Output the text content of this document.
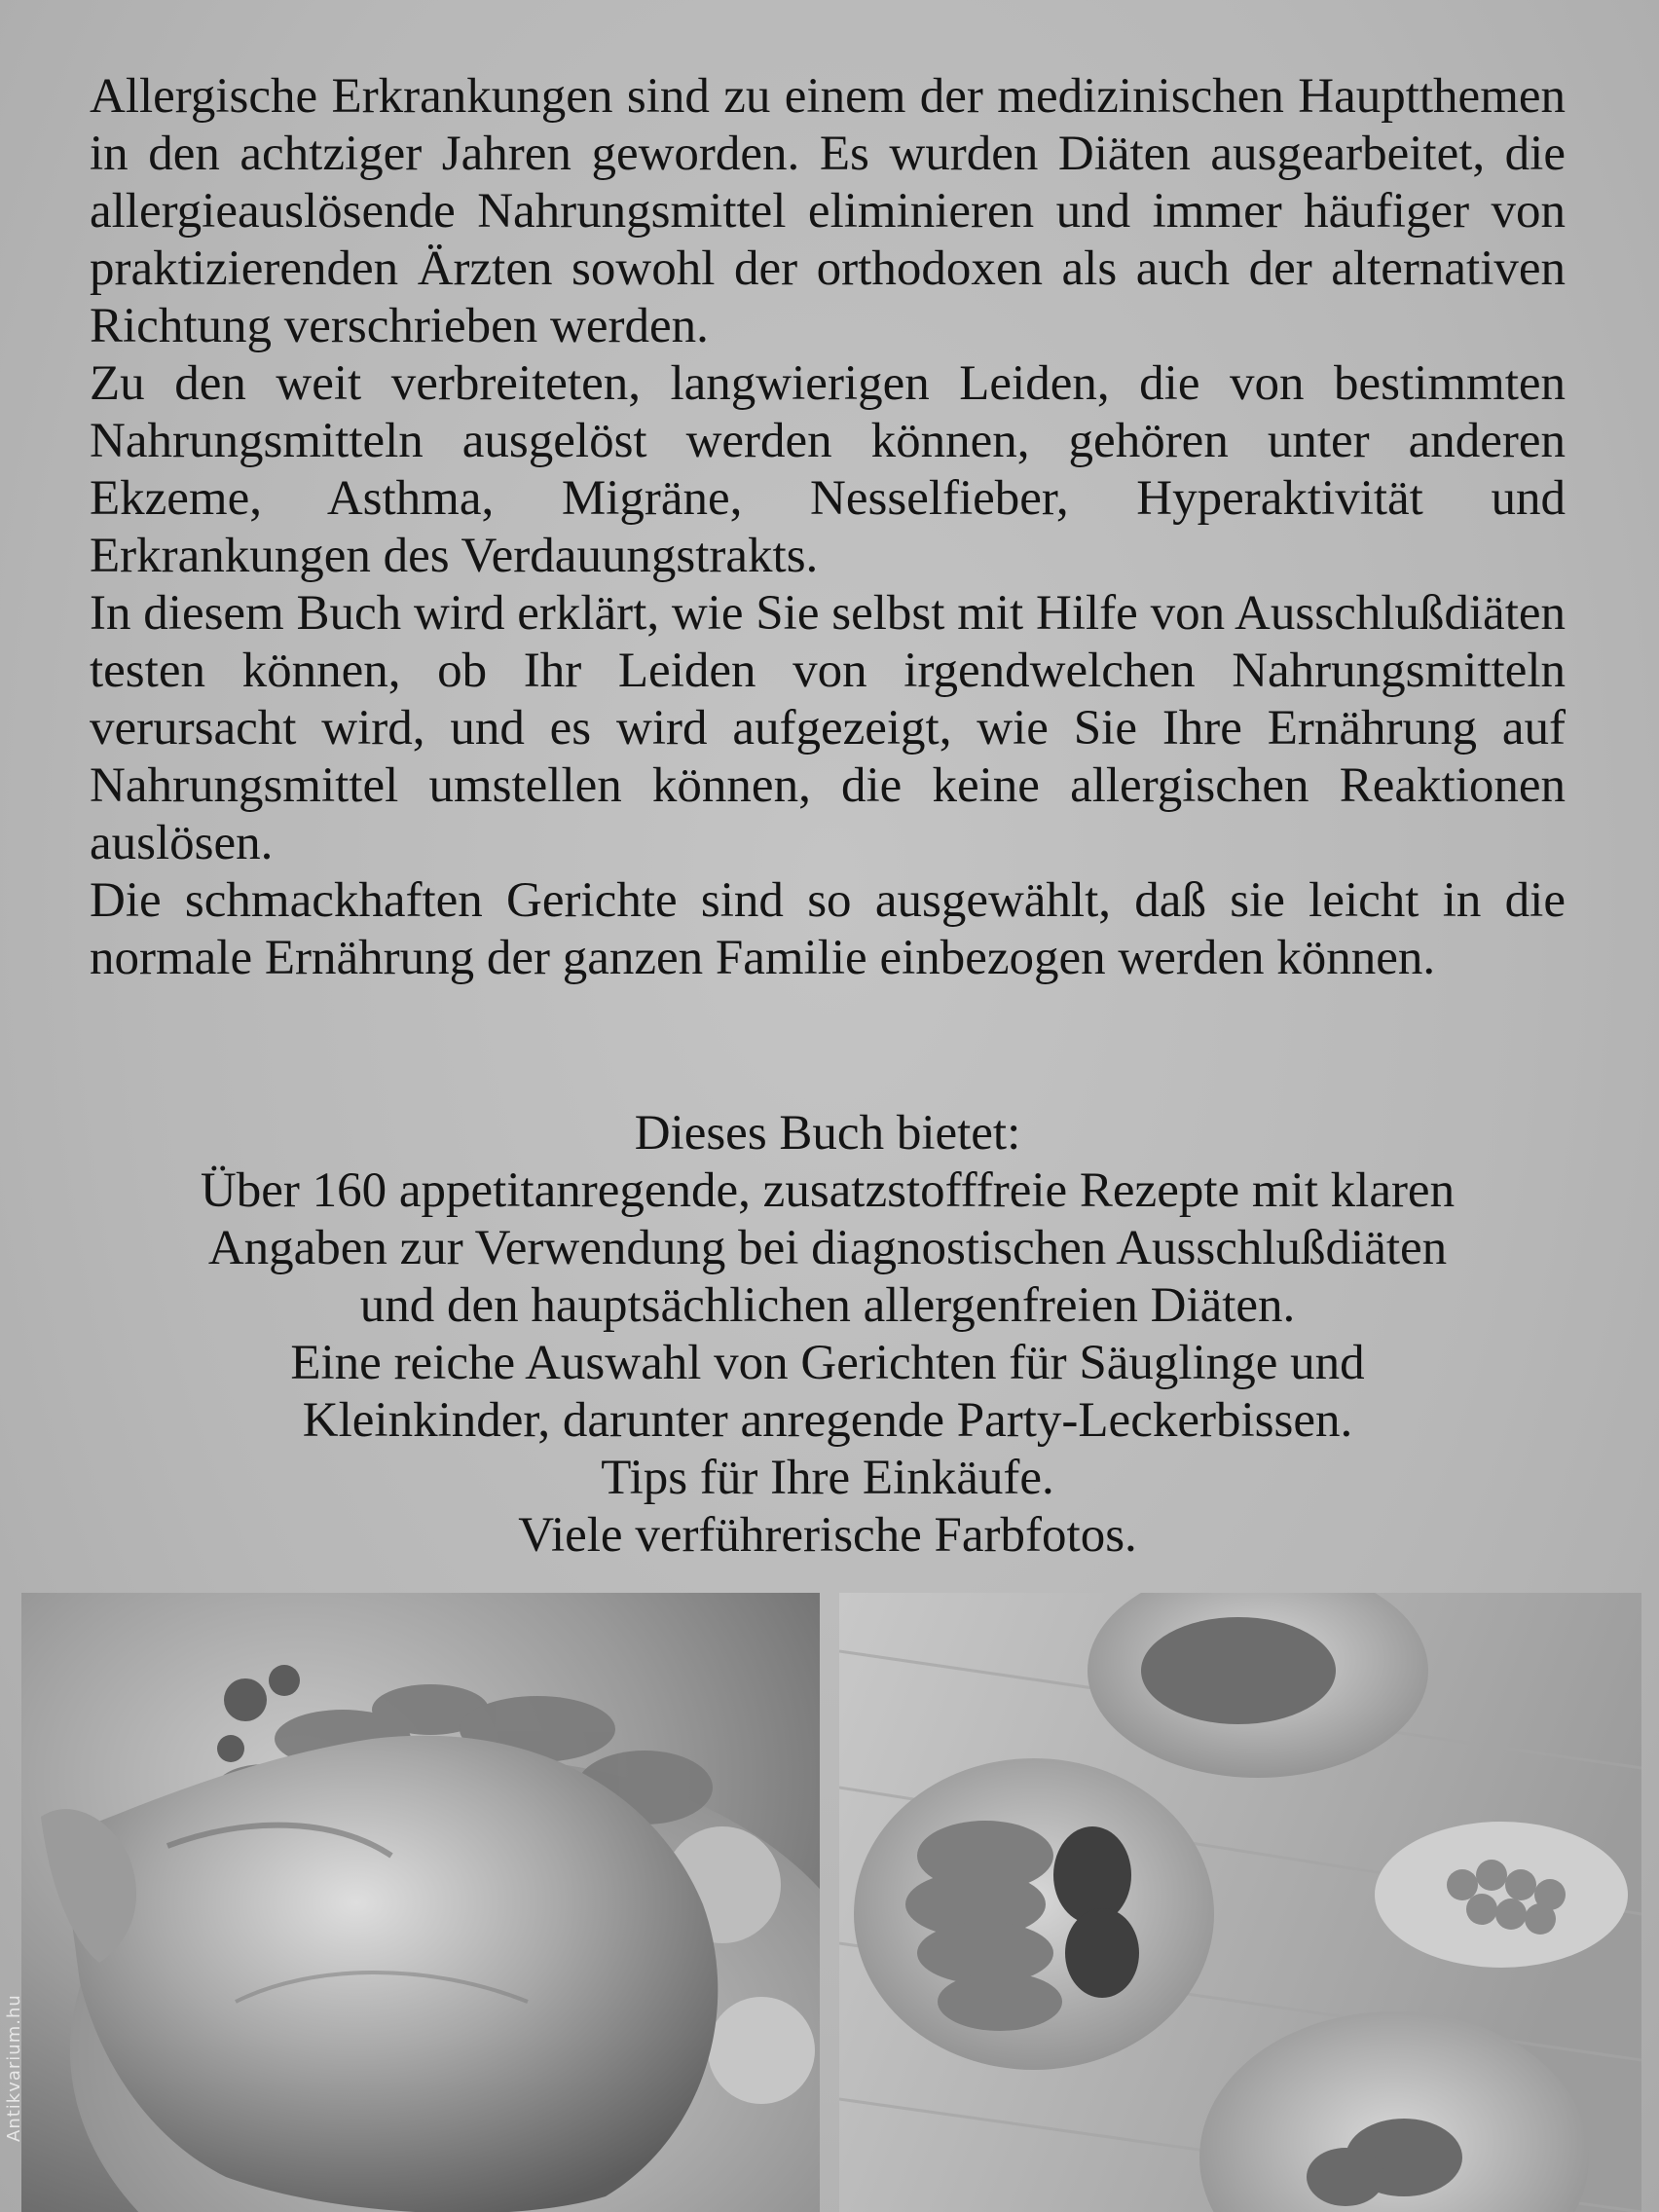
Allergische Erkrankungen sind zu einem der medizinischen Hauptthemen in den achtziger Jahren geworden. Es wurden Diäten ausgearbeitet, die allergieauslösende Nahrungsmittel eliminieren und immer häufiger von praktizierenden Ärzten sowohl der orthodoxen als auch der alternativen Richtung verschrieben werden.

Zu den weit verbreiteten, langwierigen Leiden, die von bestimmten Nahrungsmitteln ausgelöst werden können, gehören unter anderen Ekzeme, Asthma, Migräne, Nesselfieber, Hyperaktivität und Erkrankungen des Verdauungstrakts.

In diesem Buch wird erklärt, wie Sie selbst mit Hilfe von Ausschlußdiäten testen können, ob Ihr Leiden von irgendwelchen Nahrungsmitteln verursacht wird, und es wird aufgezeigt, wie Sie Ihre Ernährung auf Nahrungsmittel umstellen können, die keine allergischen Reaktionen auslösen.

Die schmackhaften Gerichte sind so ausgewählt, daß sie leicht in die normale Ernährung der ganzen Familie einbezogen werden können.

Dieses Buch bietet:
Über 160 appetitanregende, zusatzstofffreie Rezepte mit klaren
Angaben zur Verwendung bei diagnostischen Ausschlußdiäten
und den hauptsächlichen allergenfreien Diäten.
Eine reiche Auswahl von Gerichten für Säuglinge und
Kleinkinder, darunter anregende Party-Leckerbissen.
Tips für Ihre Einkäufe.
Viele verführerische Farbfotos.
Antikvarium.hu
